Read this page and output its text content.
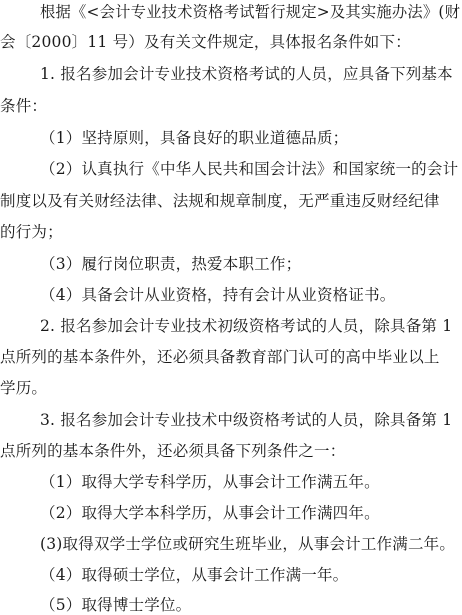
根据《<会计专业技术资格考试暂行规定>及其实施办法》(财
会〔2000〕11 号）及有关文件规定，具体报名条件如下：
1. 报名参加会计专业技术资格考试的人员，应具备下列基本
条件：
（1）坚持原则，具备良好的职业道德品质；
（2）认真执行《中华人民共和国会计法》和国家统一的会计
制度以及有关财经法律、法规和规章制度，无严重违反财经纪律
的行为；
（3）履行岗位职责，热爱本职工作；
（4）具备会计从业资格，持有会计从业资格证书。
2. 报名参加会计专业技术初级资格考试的人员，除具备第 1
点所列的基本条件外，还必须具备教育部门认可的高中毕业以上
学历。
3. 报名参加会计专业技术中级资格考试的人员，除具备第 1
点所列的基本条件外，还必须具备下列条件之一：
（1）取得大学专科学历，从事会计工作满五年。
（2）取得大学本科学历，从事会计工作满四年。
(3)取得双学士学位或研究生班毕业，从事会计工作满二年。
（4）取得硕士学位，从事会计工作满一年。
（5）取得博士学位。
